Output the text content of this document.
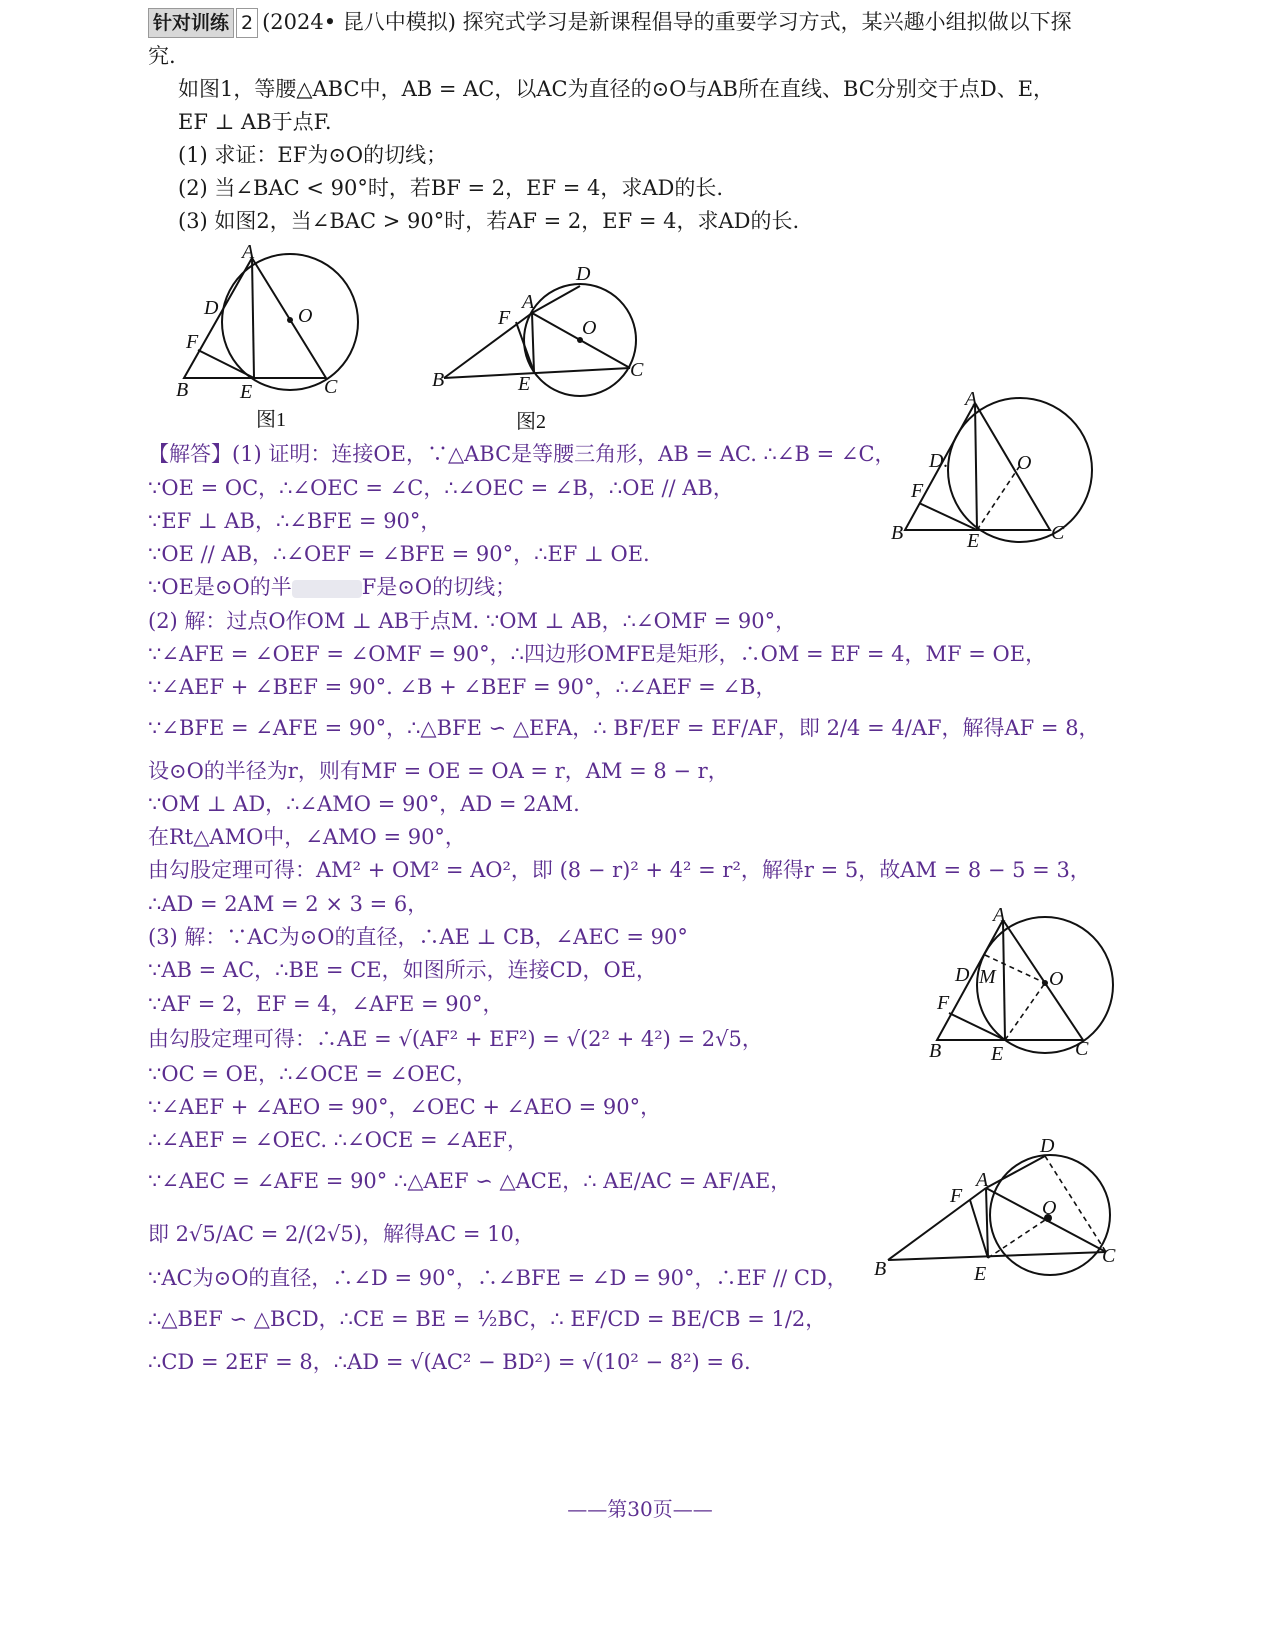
针对训练 2 (2024• 昆八中模拟) 探究式学习是新课程倡导的重要学习方式，某兴趣小组拟做以下探
究.
如图1，等腰△ABC中，AB = AC，以AC为直径的⊙O与AB所在直线、BC分别交于点D、E，
EF ⊥ AB于点F.
(1) 求证：EF为⊙O的切线；
(2) 当∠BAC < 90°时，若BF = 2，EF = 4，求AD的长.
(3) 如图2，当∠BAC > 90°时，若AF = 2，EF = 4，求AD的长.
A
D	O
F
B	E	C
图1
D
A
F	O
B	E
C
图2
【解答】(1) 证明：连接OE，∵△ABC是等腰三角形，AB = AC. ∴∠B = ∠C，
∵OE = OC，∴∠OEC = ∠C，∴∠OEC = ∠B，∴OE // AB，
∵EF ⊥ AB，∴∠BFE = 90°，
∵OE // AB，∴∠OEF = ∠BFE = 90°，∴EF ⊥ OE.
∵OE是⊙O的半	F是⊙O的切线；
(2) 解：过点O作OM ⊥ AB于点M. ∵OM ⊥ AB，∴∠OMF = 90°，
∵∠AFE = ∠OEF = ∠OMF = 90°，∴四边形OMFE是矩形，∴OM = EF = 4，MF = OE，
∵∠AEF + ∠BEF = 90°. ∠B + ∠BEF = 90°，∴∠AEF = ∠B，
∵∠BFE = ∠AFE = 90°，∴△BFE ∽ △EFA，∴ BF/EF = EF/AF，即 2/4 = 4/AF，解得AF = 8，
设⊙O的半径为r，则有MF = OE = OA = r，AM = 8 − r，
∵OM ⊥ AD，∴∠AMO = 90°，AD = 2AM.
在Rt△AMO中，∠AMO = 90°，
由勾股定理可得：AM² + OM² = AO²，即 (8 − r)² + 4² = r²，解得r = 5，故AM = 8 − 5 = 3，
∴AD = 2AM = 2 × 3 = 6，
(3) 解：∵AC为⊙O的直径，∴AE ⊥ CB，∠AEC = 90°
∵AB = AC，∴BE = CE，如图所示，连接CD，OE，
∵AF = 2，EF = 4，∠AFE = 90°，
由勾股定理可得：∴AE = √(AF² + EF²) = √(2² + 4²) = 2√5，
∵OC = OE，∴∠OCE = ∠OEC，
∵∠AEF + ∠AEO = 90°，∠OEC + ∠AEO = 90°，
∴∠AEF = ∠OEC. ∴∠OCE = ∠AEF，
∵∠AEC = ∠AFE = 90° ∴△AEF ∽ △ACE，∴ AE/AC = AF/AE，
即 2√5/AC = 2/(2√5)，解得AC = 10，
∵AC为⊙O的直径，∴∠D = 90°，∴∠BFE = ∠D = 90°，∴EF // CD，
∴△BEF ∽ △BCD，∴CE = BE = ½BC，∴ EF/CD = BE/CB = 1/2，
∴CD = 2EF = 8，∴AD = √(AC² − BD²) = √(10² − 8²) = 6.
A
D.	O
F
B	E	C
A
D M	O
F
B E	C
D
A
F
O
B	E
C
——第30页——
